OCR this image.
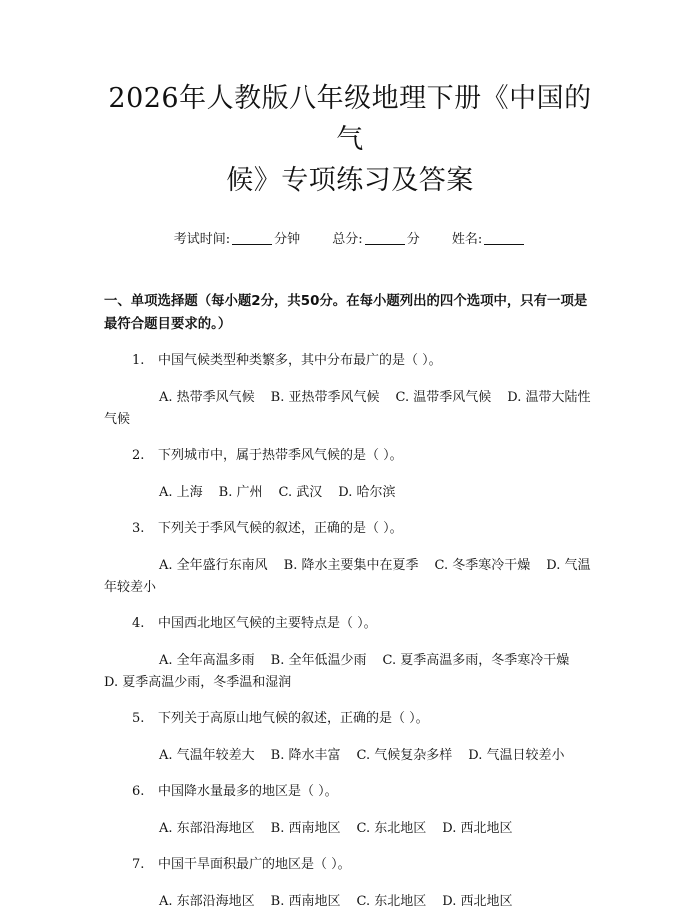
2026年人教版八年级地理下册《中国的气
候》专项练习及答案
考试时间:	分钟 总分:	分 姓名:
一、单项选择题（每小题2分，共50分。在每小题列出的四个选项中，只有一项是最符合题目要求的。）
1. 中国气候类型种类繁多，其中分布最广的是（ ）。
A. 热带季风气候 B. 亚热带季风气候 C. 温带季风气候 D. 温带大陆性气候
2. 下列城市中，属于热带季风气候的是（ ）。
A. 上海 B. 广州 C. 武汉 D. 哈尔滨
3. 下列关于季风气候的叙述，正确的是（ ）。
A. 全年盛行东南风 B. 降水主要集中在夏季 C. 冬季寒冷干燥 D. 气温年较差小
4. 中国西北地区气候的主要特点是（ ）。
A. 全年高温多雨 B. 全年低温少雨 C. 夏季高温多雨，冬季寒冷干燥D. 夏季高温少雨，冬季温和湿润
5. 下列关于高原山地气候的叙述，正确的是（ ）。
A. 气温年较差大 B. 降水丰富 C. 气候复杂多样 D. 气温日较差小
6. 中国降水量最多的地区是（ ）。
A. 东部沿海地区 B. 西南地区 C. 东北地区 D. 西北地区
7. 中国干旱面积最广的地区是（ ）。
A. 东部沿海地区 B. 西南地区 C. 东北地区 D. 西北地区
